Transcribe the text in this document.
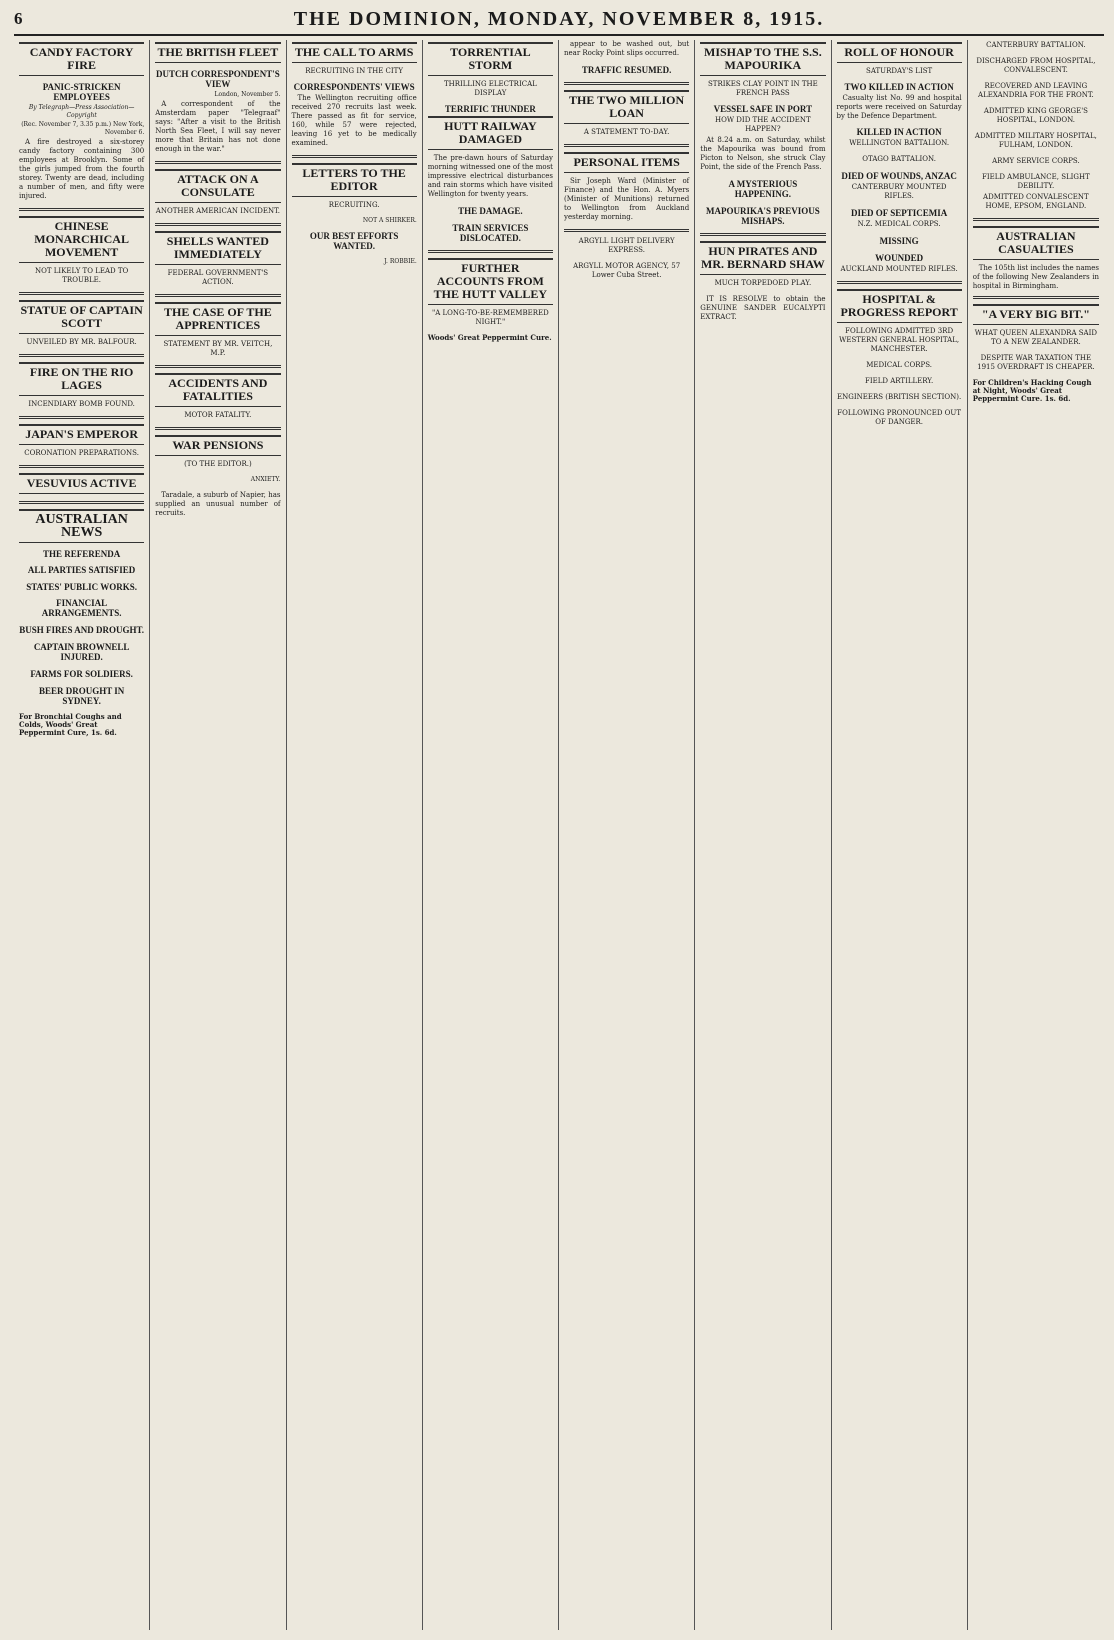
6	THE DOMINION, MONDAY, NOVEMBER 8, 1915.
CANDY FACTORY FIRE
PANIC-STRICKEN EMPLOYEES
By Telegraph—Press Association—Copyright
(Rec. November 7, 3.35 p.m.) New York, November 6.

A fire destroyed a six-storey candy factory containing 300 employees at Brooklyn. Some of the girls jumped from the fourth storey. Twenty are dead, including a number of men, and fifty were injured.

CHINESE MONARCHICAL MOVEMENT
NOT LIKELY TO LEAD TO TROUBLE.

STATUE OF CAPTAIN SCOTT
UNVEILED BY MR. BALFOUR.

FIRE ON THE RIO LAGES
INCENDIARY BOMB FOUND.

JAPAN'S EMPEROR
CORONATION PREPARATIONS.

VESUVIUS ACTIVE

AUSTRALIAN NEWS
THE REFERENDA
ALL PARTIES SATISFIED

STATES' PUBLIC WORKS.
FINANCIAL ARRANGEMENTS.

BUSH FIRES AND DROUGHT.

CAPTAIN BROWNELL INJURED.

FARMS FOR SOLDIERS.

BEER DROUGHT IN SYDNEY.

For Bronchial Coughs and Colds, Woods' Great Peppermint Cure, 1s. 6d.
THE BRITISH FLEET
DUTCH CORRESPONDENT'S VIEW
London, November 5.

A correspondent of the Amsterdam paper "Telegraaf" says: "After a visit to the British North Sea Fleet, I will say never more that Britain has not done enough in the war."

ATTACK ON A CONSULATE
ANOTHER AMERICAN INCIDENT.

SHELLS WANTED IMMEDIATELY
FEDERAL GOVERNMENT'S ACTION.

THE CASE OF THE APPRENTICES
STATEMENT BY MR. VEITCH, M.P.

ACCIDENTS AND FATALITIES
MOTOR FATALITY.

WAR PENSIONS
(TO THE EDITOR.)

ANXIETY.

Taradale, a suburb of Napier, has supplied an unusual number of recruits.

THE CALL TO ARMS
RECRUITING IN THE CITY
CORRESPONDENTS' VIEWS

The Wellington recruiting office received 270 recruits last week. There passed as fit for service, 160, while 57 were rejected, leaving 16 yet to be medically examined.

LETTERS TO THE EDITOR
RECRUITING.

NOT A SHIRKER.
OUR BEST EFFORTS WANTED.

J. ROBBIE.
TORRENTIAL STORM
THRILLING ELECTRICAL DISPLAY
TERRIFIC THUNDER
HUTT RAILWAY DAMAGED

The pre-dawn hours of Saturday morning witnessed one of the most impressive electrical disturbances and rain storms which have visited Wellington for twenty years.

THE DAMAGE.

TRAIN SERVICES DISLOCATED.

FURTHER ACCOUNTS FROM THE HUTT VALLEY
"A LONG-TO-BE-REMEMBERED NIGHT."

Woods' Great Peppermint Cure.

appear to be washed out, but near Rocky Point slips occurred.

TRAFFIC RESUMED.

THE TWO MILLION LOAN
A STATEMENT TO-DAY.

PERSONAL ITEMS

Sir Joseph Ward (Minister of Finance) and the Hon. A. Myers (Minister of Munitions) returned to Wellington from Auckland yesterday morning.

ARGYLL LIGHT DELIVERY EXPRESS.

ARGYLL MOTOR AGENCY, 57 Lower Cuba Street.
MISHAP TO THE S.S. MAPOURIKA
STRIKES CLAY POINT IN THE FRENCH PASS
VESSEL SAFE IN PORT
HOW DID THE ACCIDENT HAPPEN?

At 8.24 a.m. on Saturday, whilst the Mapourika was bound from Picton to Nelson, she struck Clay Point, the side of the French Pass.

A MYSTERIOUS HAPPENING.

MAPOURIKA'S PREVIOUS MISHAPS.

HUN PIRATES AND MR. BERNARD SHAW
MUCH TORPEDOED PLAY.

IT IS RESOLVE to obtain the GENUINE SANDER EUCALYPTI EXTRACT.

ROLL OF HONOUR
SATURDAY'S LIST
TWO KILLED IN ACTION

Casualty list No. 99 and hospital reports were received on Saturday by the Defence Department.

KILLED IN ACTION
WELLINGTON BATTALION.

OTAGO BATTALION.

DIED OF WOUNDS, ANZAC
CANTERBURY MOUNTED RIFLES.

DIED OF SEPTICEMIA
N.Z. MEDICAL CORPS.

MISSING

WOUNDED
AUCKLAND MOUNTED RIFLES.

HOSPITAL & PROGRESS REPORT
FOLLOWING ADMITTED 3RD WESTERN GENERAL HOSPITAL, MANCHESTER.

MEDICAL CORPS.

FIELD ARTILLERY.

ENGINEERS (BRITISH SECTION).

FOLLOWING PRONOUNCED OUT OF DANGER.

CANTERBURY BATTALION.

DISCHARGED FROM HOSPITAL, CONVALESCENT.

RECOVERED AND LEAVING ALEXANDRIA FOR THE FRONT.

ADMITTED KING GEORGE'S HOSPITAL, LONDON.

ADMITTED MILITARY HOSPITAL, FULHAM, LONDON.

ARMY SERVICE CORPS.

FIELD AMBULANCE, SLIGHT DEBILITY.
ADMITTED CONVALESCENT HOME, EPSOM, ENGLAND.

AUSTRALIAN CASUALTIES

The 105th list includes the names of the following New Zealanders in hospital in Birmingham.

"A VERY BIG BIT."
WHAT QUEEN ALEXANDRA SAID TO A NEW ZEALANDER.

DESPITE WAR TAXATION THE 1915 OVERDRAFT IS CHEAPER.

For Children's Hacking Cough at Night, Woods' Great Peppermint Cure. 1s. 6d.
